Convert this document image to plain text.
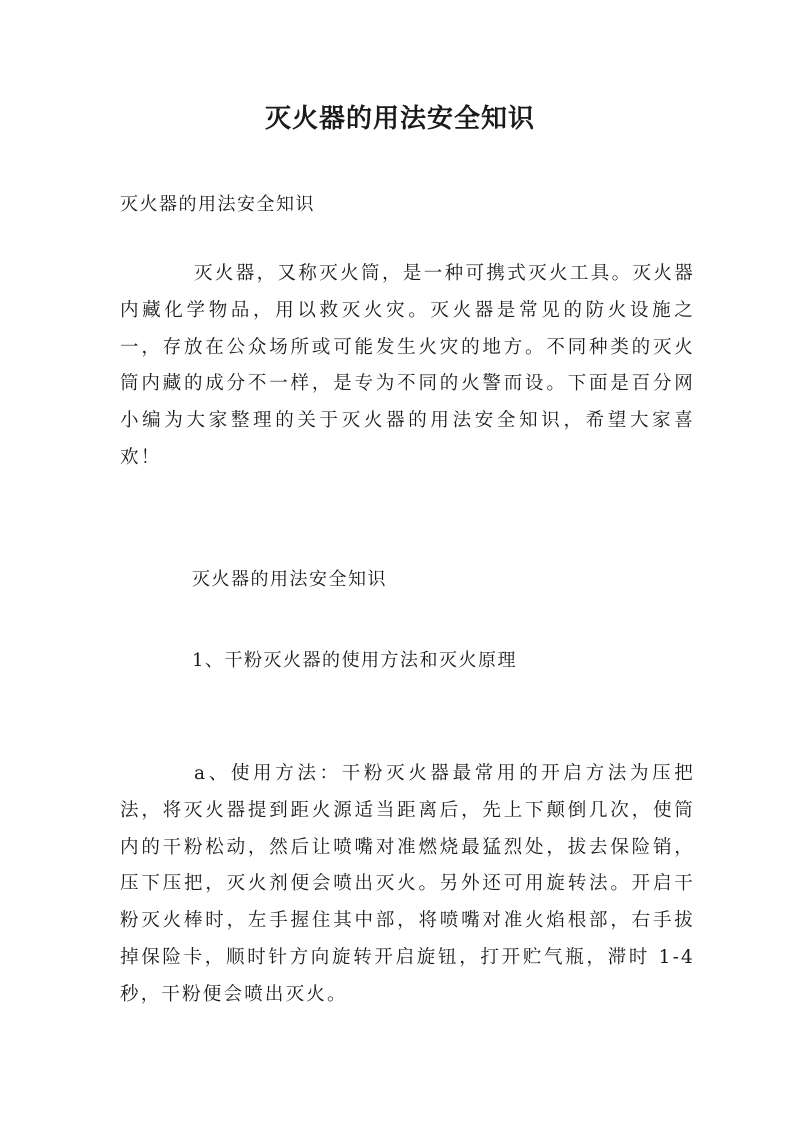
灭火器的用法安全知识

灭火器的用法安全知识

灭火器，又称灭火筒，是一种可携式灭火工具。灭火器内藏化学物品，用以救灭火灾。灭火器是常见的防火设施之一，存放在公众场所或可能发生火灾的地方。不同种类的灭火筒内藏的成分不一样，是专为不同的火警而设。下面是百分网小编为大家整理的关于灭火器的用法安全知识，希望大家喜欢！

灭火器的用法安全知识

1、干粉灭火器的使用方法和灭火原理

a、使用方法：干粉灭火器最常用的开启方法为压把法，将灭火器提到距火源适当距离后，先上下颠倒几次，使筒内的干粉松动，然后让喷嘴对准燃烧最猛烈处，拔去保险销，压下压把，灭火剂便会喷出灭火。另外还可用旋转法。开启干粉灭火棒时，左手握住其中部，将喷嘴对准火焰根部，右手拔掉保险卡，顺时针方向旋转开启旋钮，打开贮气瓶，滞时 1-4 秒，干粉便会喷出灭火。
